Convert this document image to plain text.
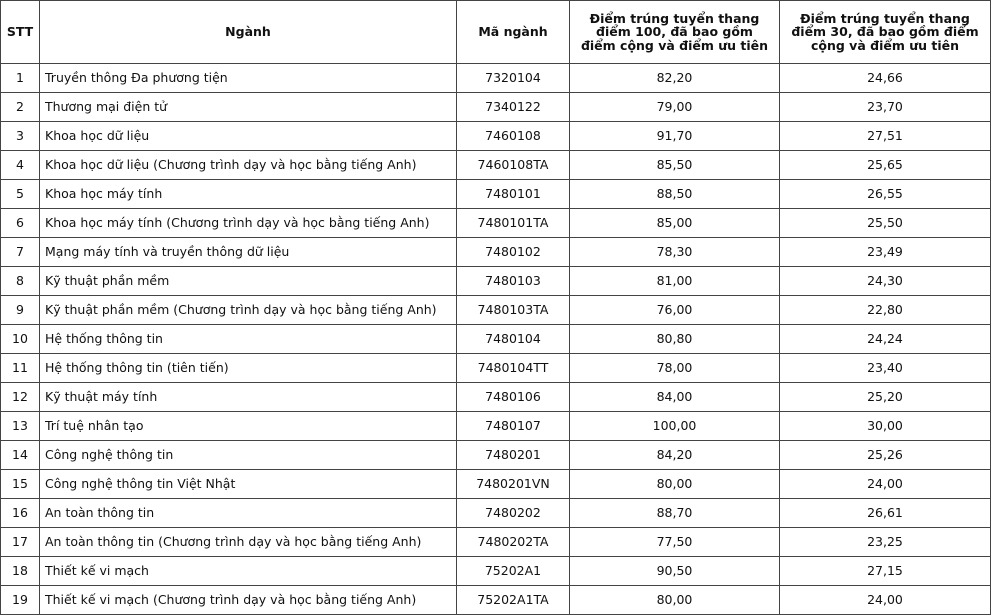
STT	Ngành	Mã ngành	Điểm trúng tuyển thang điểm 100, đã bao gồm điểm cộng và điểm ưu tiên	Điểm trúng tuyển thang điểm 30, đã bao gồm điểm cộng và điểm ưu tiên
1	Truyền thông Đa phương tiện	7320104	82,20	24,66
2	Thương mại điện tử	7340122	79,00	23,70
3	Khoa học dữ liệu	7460108	91,70	27,51
4	Khoa học dữ liệu (Chương trình dạy và học bằng tiếng Anh)	7460108TA	85,50	25,65
5	Khoa học máy tính	7480101	88,50	26,55
6	Khoa học máy tính (Chương trình dạy và học bằng tiếng Anh)	7480101TA	85,00	25,50
7	Mạng máy tính và truyền thông dữ liệu	7480102	78,30	23,49
8	Kỹ thuật phần mềm	7480103	81,00	24,30
9	Kỹ thuật phần mềm (Chương trình dạy và học bằng tiếng Anh)	7480103TA	76,00	22,80
10	Hệ thống thông tin	7480104	80,80	24,24
11	Hệ thống thông tin (tiên tiến)	7480104TT	78,00	23,40
12	Kỹ thuật máy tính	7480106	84,00	25,20
13	Trí tuệ nhân tạo	7480107	100,00	30,00
14	Công nghệ thông tin	7480201	84,20	25,26
15	Công nghệ thông tin Việt Nhật	7480201VN	80,00	24,00
16	An toàn thông tin	7480202	88,70	26,61
17	An toàn thông tin (Chương trình dạy và học bằng tiếng Anh)	7480202TA	77,50	23,25
18	Thiết kế vi mạch	75202A1	90,50	27,15
19	Thiết kế vi mạch (Chương trình dạy và học bằng tiếng Anh)	75202A1TA	80,00	24,00
